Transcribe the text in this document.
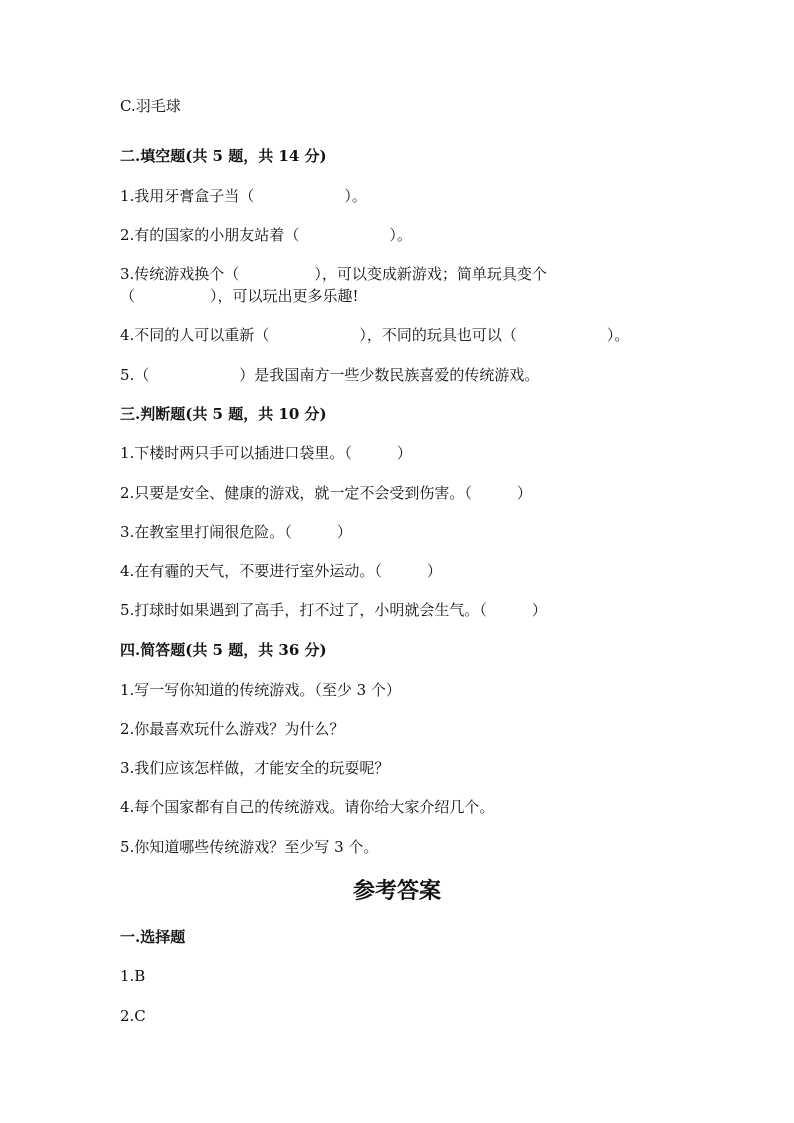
C.羽毛球
二.填空题(共 5 题，共 14 分)
1.我用牙膏盒子当（　　　　　　）。
2.有的国家的小朋友站着（　　　　　　）。
3.传统游戏换个（　　　　　），可以变成新游戏；简单玩具变个
（　　　　　），可以玩出更多乐趣!
4.不同的人可以重新（　　　　　　），不同的玩具也可以（　　　　　　）。
5.（　　　　　　）是我国南方一些少数民族喜爱的传统游戏。
三.判断题(共 5 题，共 10 分)
1.下楼时两只手可以插进口袋里。（　　　）
2.只要是安全、健康的游戏，就一定不会受到伤害。（　　　）
3.在教室里打闹很危险。（　　　）
4.在有霾的天气，不要进行室外运动。（　　　）
5.打球时如果遇到了高手，打不过了，小明就会生气。（　　　）
四.简答题(共 5 题，共 36 分)
1.写一写你知道的传统游戏。（至少 3 个）
2.你最喜欢玩什么游戏？为什么？
3.我们应该怎样做，才能安全的玩耍呢？
4.每个国家都有自己的传统游戏。请你给大家介绍几个。
5.你知道哪些传统游戏？至少写 3 个。
参考答案
一.选择题
1.B
2.C
